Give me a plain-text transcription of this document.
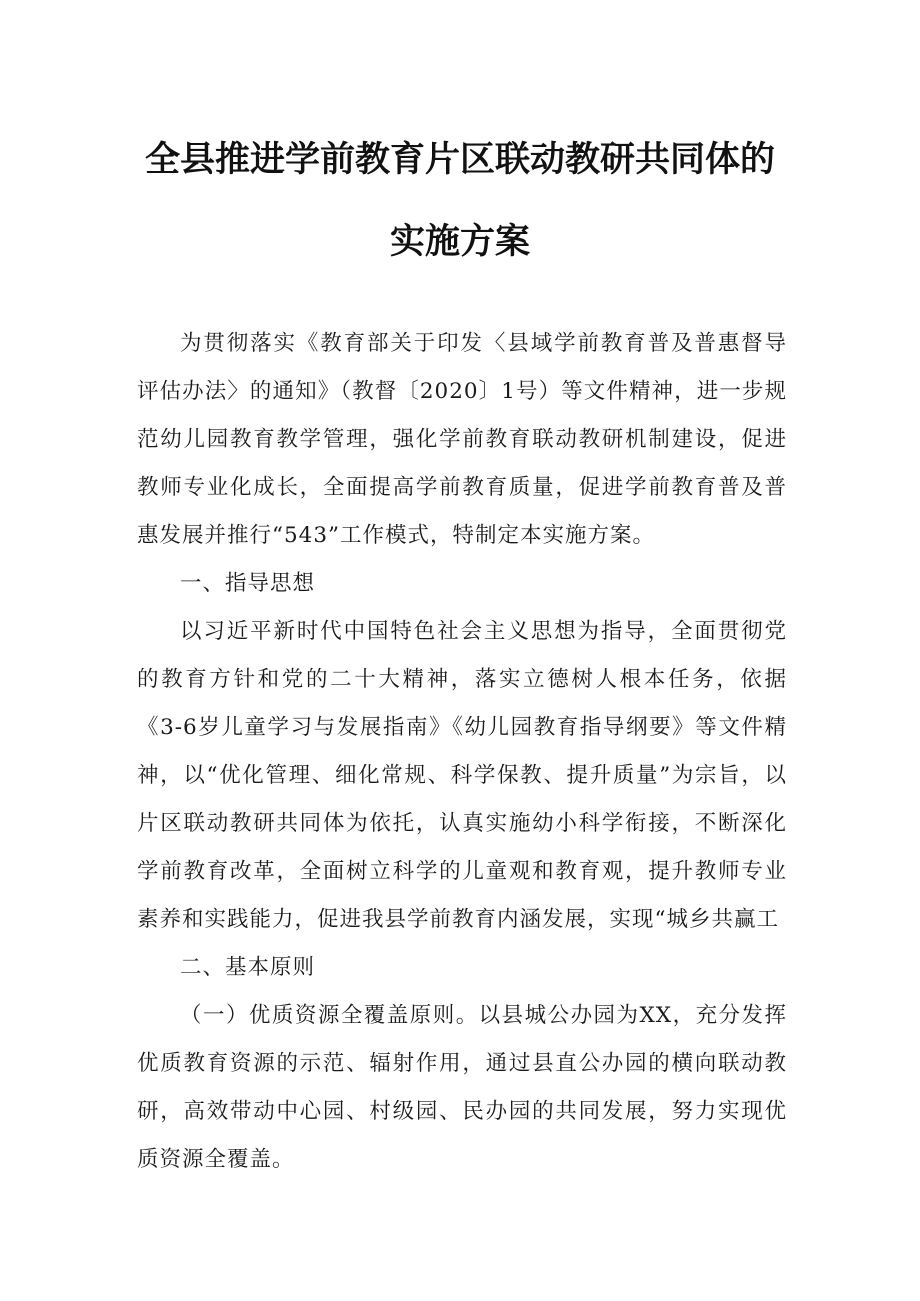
全县推进学前教育片区联动教研共同体的
实施方案

为贯彻落实《教育部关于印发〈县域学前教育普及普惠督导评估办法〉的通知》（教督〔2020〕1号）等文件精神，进一步规范幼儿园教育教学管理，强化学前教育联动教研机制建设，促进教师专业化成长，全面提高学前教育质量，促进学前教育普及普惠发展并推行“543”工作模式，特制定本实施方案。

一、指导思想

以习近平新时代中国特色社会主义思想为指导，全面贯彻党的教育方针和党的二十大精神，落实立德树人根本任务，依据《3-6岁儿童学习与发展指南》《幼儿园教育指导纲要》等文件精神，以“优化管理、细化常规、科学保教、提升质量”为宗旨，以片区联动教研共同体为依托，认真实施幼小科学衔接，不断深化学前教育改革，全面树立科学的儿童观和教育观，提升教师专业素养和实践能力，促进我县学前教育内涵发展，实现“城乡共赢工

二、基本原则

（一）优质资源全覆盖原则。以县城公办园为XX，充分发挥优质教育资源的示范、辐射作用，通过县直公办园的横向联动教研，高效带动中心园、村级园、民办园的共同发展，努力实现优质资源全覆盖。
